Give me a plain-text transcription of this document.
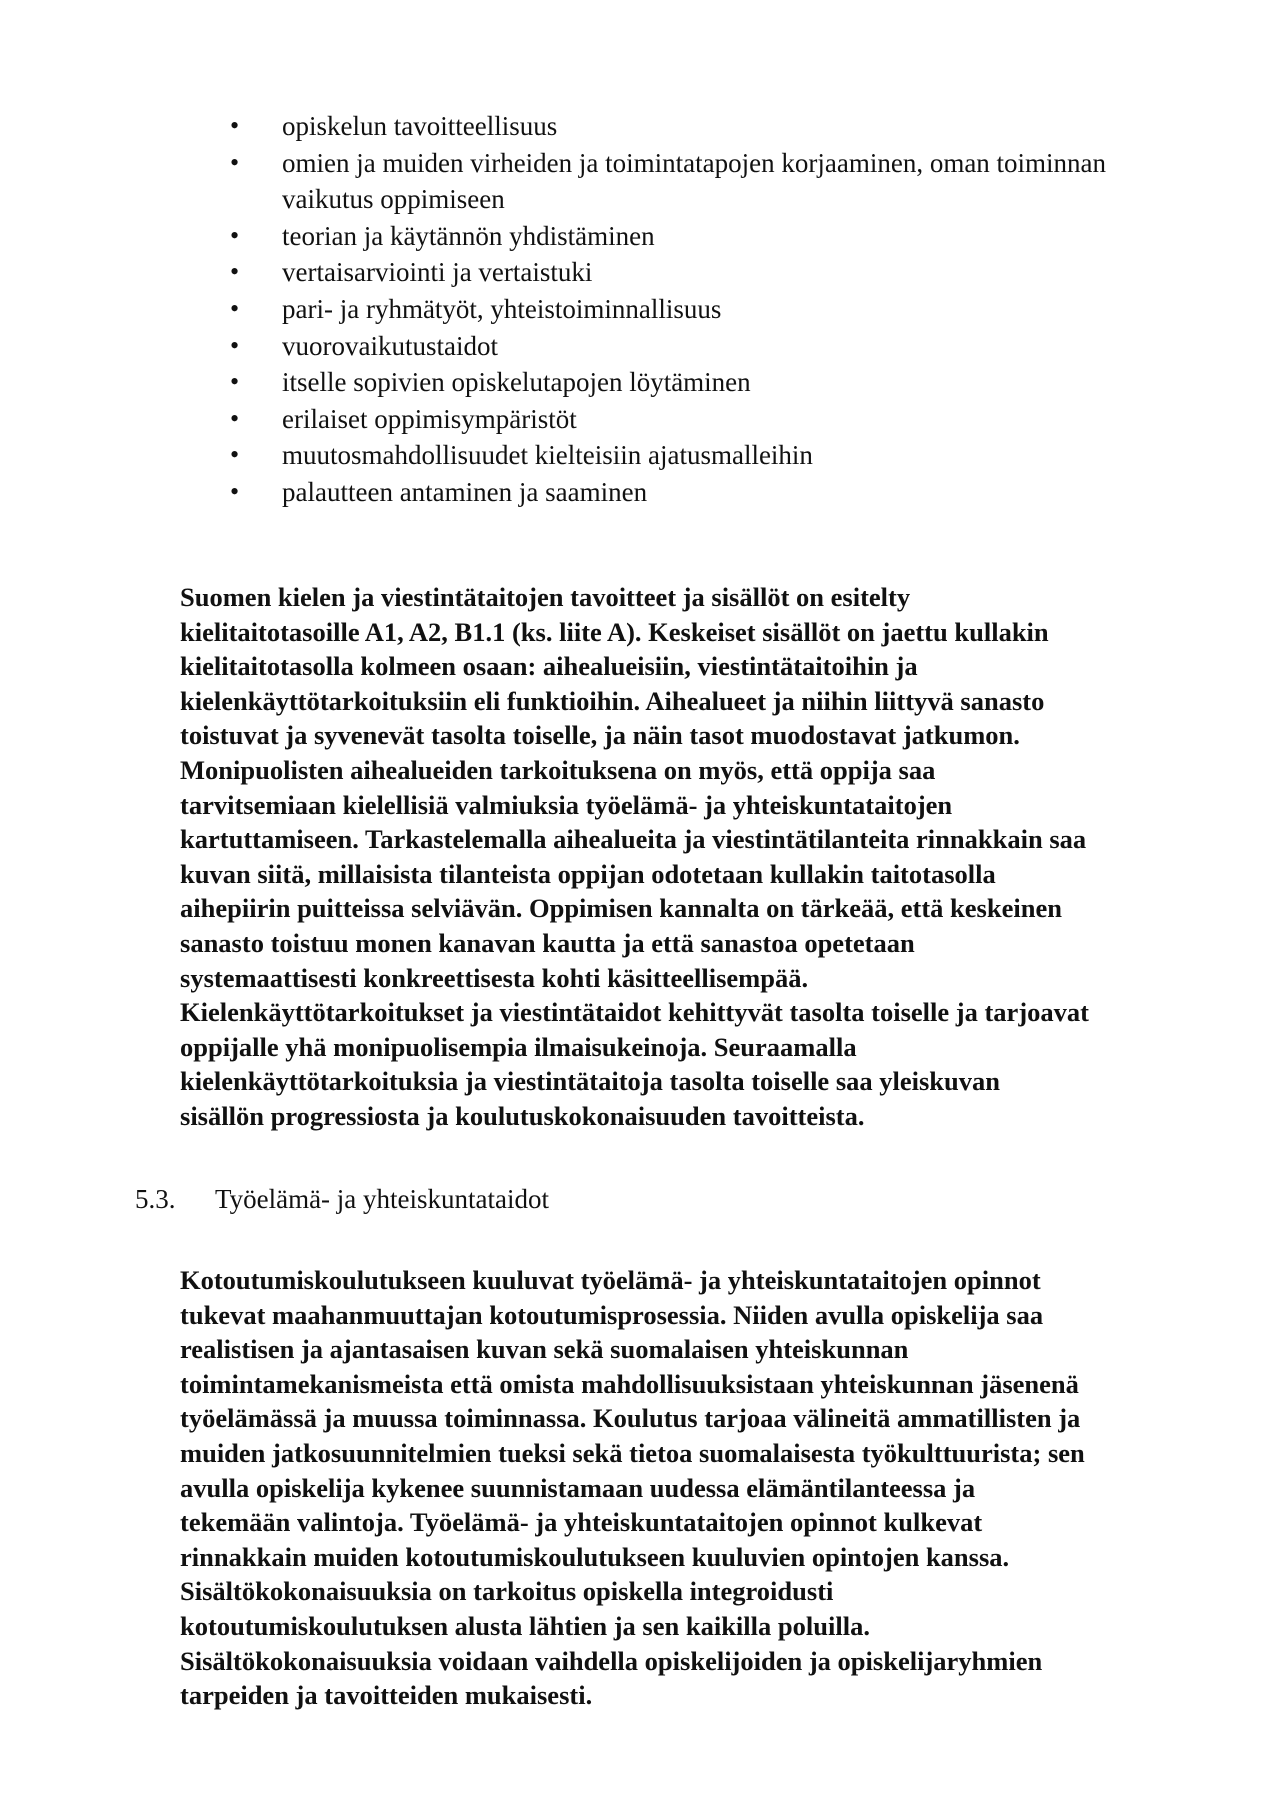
• opiskelun tavoitteellisuus
• omien ja muiden virheiden ja toimintatapojen korjaaminen, oman toiminnan
vaikutus oppimiseen
• teorian ja käytännön yhdistäminen
• vertaisarviointi ja vertaistuki
• pari- ja ryhmätyöt, yhteistoiminnallisuus
• vuorovaikutustaidot
• itselle sopivien opiskelutapojen löytäminen
• erilaiset oppimisympäristöt
• muutosmahdollisuudet kielteisiin ajatusmalleihin
• palautteen antaminen ja saaminen

Suomen kielen ja viestintätaitojen tavoitteet ja sisällöt on esitelty
kielitaitotasoille A1, A2, B1.1 (ks. liite A). Keskeiset sisällöt on jaettu kullakin
kielitaitotasolla kolmeen osaan: aihealueisiin, viestintätaitoihin ja
kielenkäyttötarkoituksiin eli funktioihin. Aihealueet ja niihin liittyvä sanasto
toistuvat ja syvenevät tasolta toiselle, ja näin tasot muodostavat jatkumon.
Monipuolisten aihealueiden tarkoituksena on myös, että oppija saa
tarvitsemiaan kielellisiä valmiuksia työelämä- ja yhteiskuntataitojen
kartuttamiseen. Tarkastelemalla aihealueita ja viestintätilanteita rinnakkain saa
kuvan siitä, millaisista tilanteista oppijan odotetaan kullakin taitotasolla
aihepiirin puitteissa selviävän. Oppimisen kannalta on tärkeää, että keskeinen
sanasto toistuu monen kanavan kautta ja että sanastoa opetetaan
systemaattisesti konkreettisesta kohti käsitteellisempää.
Kielenkäyttötarkoitukset ja viestintätaidot kehittyvät tasolta toiselle ja tarjoavat
oppijalle yhä monipuolisempia ilmaisukeinoja. Seuraamalla
kielenkäyttötarkoituksia ja viestintätaitoja tasolta toiselle saa yleiskuvan
sisällön progressiosta ja koulutuskokonaisuuden tavoitteista.

5.3. Työelämä- ja yhteiskuntataidot

Kotoutumiskoulutukseen kuuluvat työelämä- ja yhteiskuntataitojen opinnot
tukevat maahanmuuttajan kotoutumisprosessia. Niiden avulla opiskelija saa
realistisen ja ajantasaisen kuvan sekä suomalaisen yhteiskunnan
toimintamekanismeista että omista mahdollisuuksistaan yhteiskunnan jäsenenä
työelämässä ja muussa toiminnassa. Koulutus tarjoaa välineitä ammatillisten ja
muiden jatkosuunnitelmien tueksi sekä tietoa suomalaisesta työkulttuurista; sen
avulla opiskelija kykenee suunnistamaan uudessa elämäntilanteessa ja
tekemään valintoja. Työelämä- ja yhteiskuntataitojen opinnot kulkevat
rinnakkain muiden kotoutumiskoulutukseen kuuluvien opintojen kanssa.
Sisältökokonaisuuksia on tarkoitus opiskella integroidusti
kotoutumiskoulutuksen alusta lähtien ja sen kaikilla poluilla.
Sisältökokonaisuuksia voidaan vaihdella opiskelijoiden ja opiskelijaryhmien
tarpeiden ja tavoitteiden mukaisesti.
